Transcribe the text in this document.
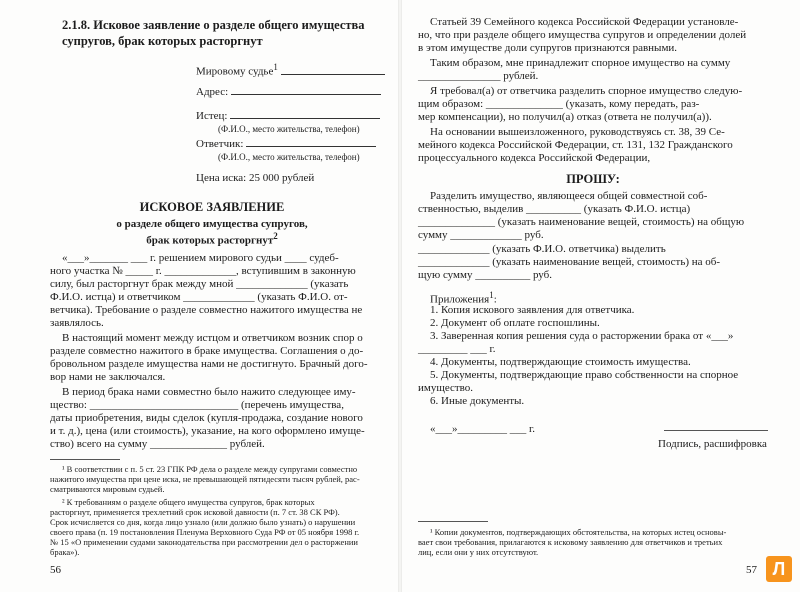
2.1.8. Исковое заявление о разделе общего имущества
супругов, брак которых расторгнут
Мировому судье$^1$
Адрес:
Истец:
(Ф.И.О., место жительства, телефон)
Ответчик:
(Ф.И.О., место жительства, телефон)
Цена иска: 25 000 рублей
ИСКОВОЕ ЗАЯВЛЕНИЕ
о разделе общего имущества супругов,
брак которых расторгнут$^2$
«___»_______ ___ г. решением мирового судьи ____ судеб-
ного участка № _____ г. _____________, вступившим в законную
силу, был расторгнут брак между мной _____________ (указать
Ф.И.О. истца) и ответчиком _____________ (указать Ф.И.О. от-
ветчика). Требование о разделе совместно нажитого имущества не
заявлялось.
В настоящий момент между истцом и ответчиком возник спор о
разделе совместно нажитого в браке имущества. Соглашения о до-
бровольном разделе имущества нами не достигнуто. Брачный дого-
вор нами не заключался.
В период брака нами совместно было нажито следующее иму-
щество: ___________________________ (перечень имущества,
даты приобретения, виды сделок (купля-продажа, создание нового
и т. д.), цена (или стоимость), указание, на кого оформлено имуще-
ство) всего на сумму ______________ рублей.
¹ В соответствии с п. 5 ст. 23 ГПК РФ дела о разделе между супругами совместно
нажитого имущества при цене иска, не превышающей пятидесяти тысяч рублей, рас-
сматриваются мировым судьей.
² К требованиям о разделе общего имущества супругов, брак которых
расторгнут, применяется трехлетний срок исковой давности (п. 7 ст. 38 СК РФ).
Срок исчисляется со дня, когда лицо узнало (или должно было узнать) о нарушении
своего права (п. 19 постановления Пленума Верховного Суда РФ от 05 ноября 1998 г.
№ 15 «О применении судами законодательства при рассмотрении дел о расторжении
брака»).
56
Статьей 39 Семейного кодекса Российской Федерации установле-
но, что при разделе общего имущества супругов и определении долей
в этом имуществе доли супругов признаются равными.
Таким образом, мне принадлежит спорное имущество на сумму
_______________ рублей.
Я требовал(а) от ответчика разделить спорное имущество следую-
щим образом: ______________ (указать, кому передать, раз-
мер компенсации), но получил(а) отказ (ответа не получил(а)).
На основании вышеизложенного, руководствуясь ст. 38, 39 Се-
мейного кодекса Российской Федерации, ст. 131, 132 Гражданского
процессуального кодекса Российской Федерации,
ПРОШУ:
Разделить имущество, являющееся общей совместной соб-
ственностью, выделив __________ (указать Ф.И.О. истца)
______________ (указать наименование вещей, стоимость) на общую
сумму _____________ руб.
_____________ (указать Ф.И.О. ответчика) выделить
_____________ (указать наименование вещей, стоимость) на об-
щую сумму __________ руб.
Приложения$^1$:
1. Копия искового заявления для ответчика.
2. Документ об оплате госпошлины.
3. Заверенная копия решения суда о расторжении брака от «___»
_________ ___ г.
4. Документы, подтверждающие стоимость имущества.
5. Документы, подтверждающие право собственности на спорное
имущество.
6. Иные документы.
«___»_________ ___ г.
Подпись, расшифровка
¹ Копии документов, подтверждающих обстоятельства, на которых истец основы-
вает свои требования, прилагаются к исковому заявлению для ответчиков и третьих
лиц, если они у них отсутствуют.
57 Л
